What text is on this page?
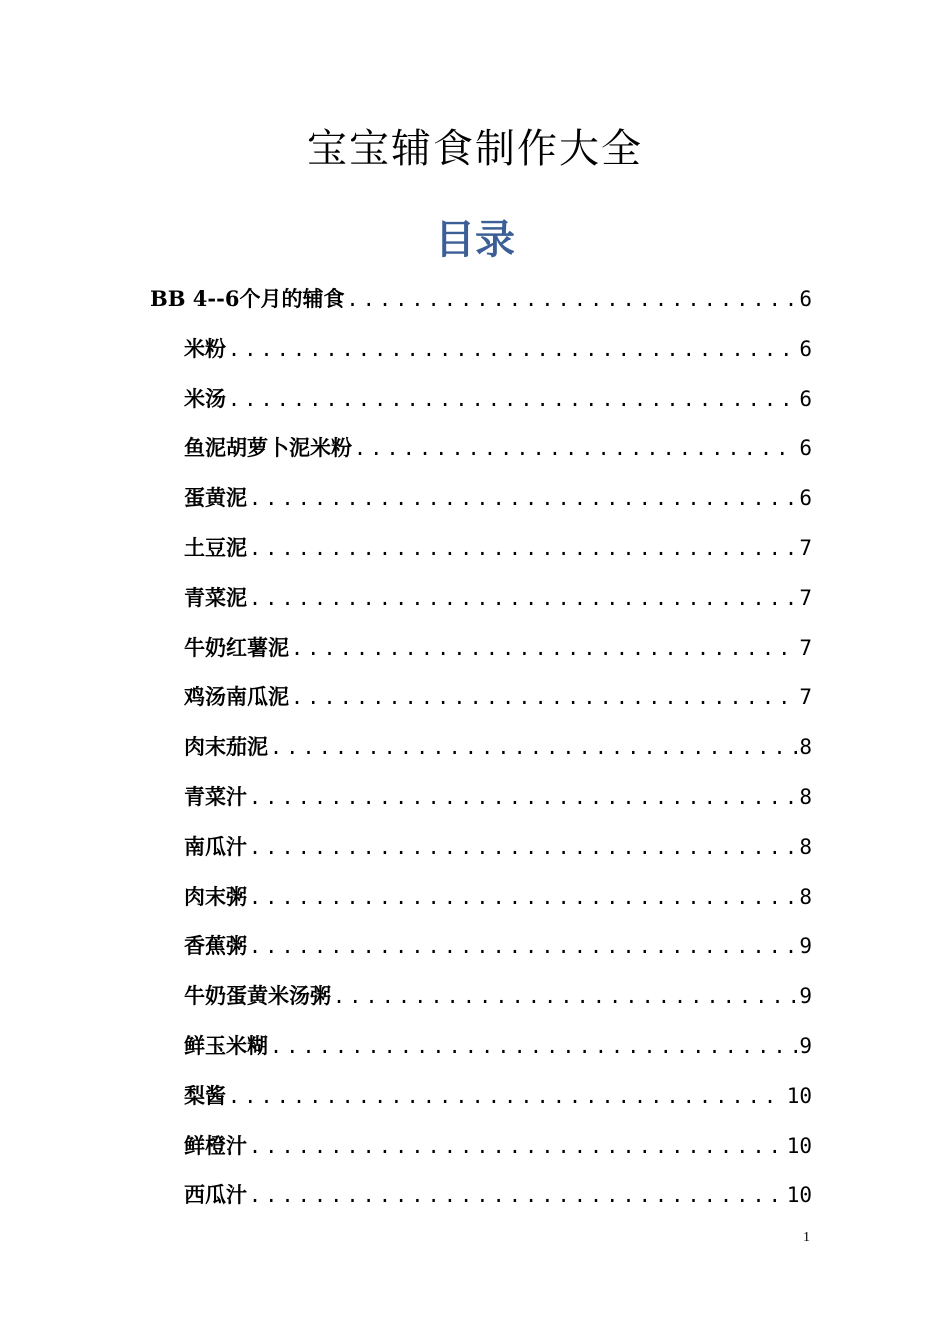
宝宝辅食制作大全
目录
BB 4--6个月的辅食 .....	6
米粉 .....	6
米汤 .....	6
鱼泥胡萝卜泥米粉 .....	6
蛋黄泥 .....	6
土豆泥 .....	7
青菜泥 .....	7
牛奶红薯泥 .....	7
鸡汤南瓜泥 .....	7
肉末茄泥 .....	8
青菜汁 .....	8
南瓜汁 .....	8
肉末粥 .....	8
香蕉粥 .....	9
牛奶蛋黄米汤粥 .....	9
鲜玉米糊 .....	9
梨酱 .....	10
鲜橙汁 .....	10
西瓜汁 .....	10
1
